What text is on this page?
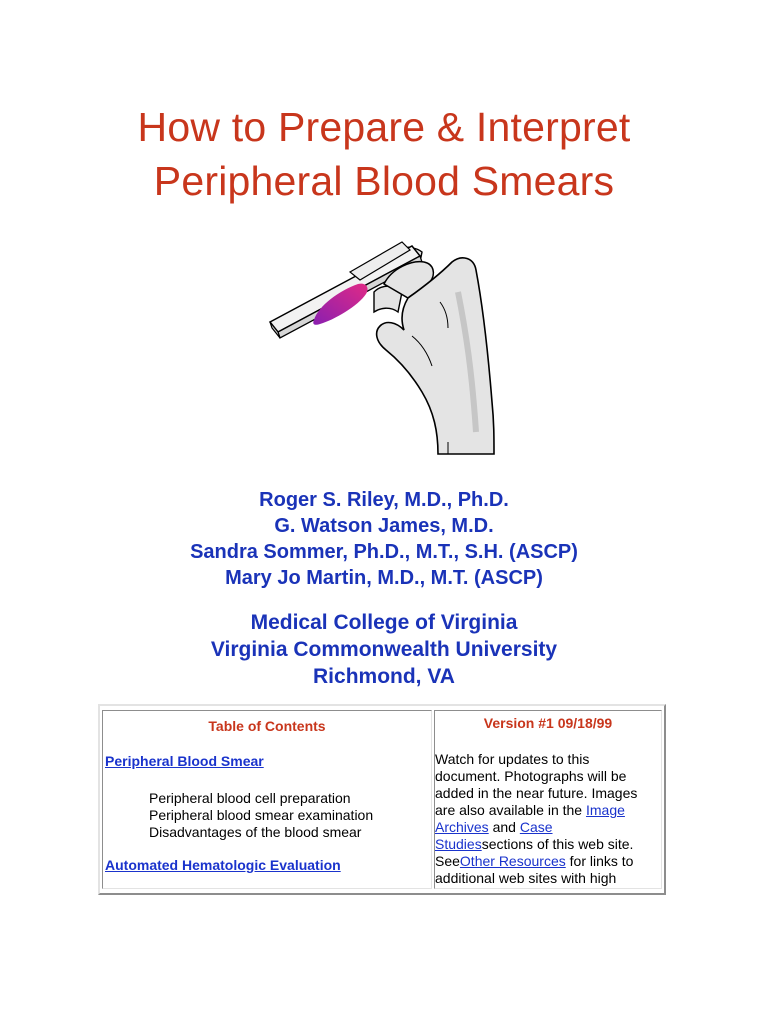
How to Prepare & Interpret
Peripheral Blood Smears
Roger S. Riley, M.D., Ph.D.
G. Watson James, M.D.
Sandra Sommer, Ph.D., M.T., S.H. (ASCP)
Mary Jo Martin, M.D., M.T. (ASCP)
Medical College of Virginia
Virginia Commonwealth University
Richmond, VA
Table of Contents
Peripheral Blood Smear
Peripheral blood cell preparation
Peripheral blood smear examination
Disadvantages of the blood smear
Automated Hematologic Evaluation
Version #1 09/18/99

Watch for updates to this
document. Photographs will be
added in the near future. Images
are also available in the Image
Archives and Case
Studiessections of this web site.
SeeOther Resources for links to
additional web sites with high
